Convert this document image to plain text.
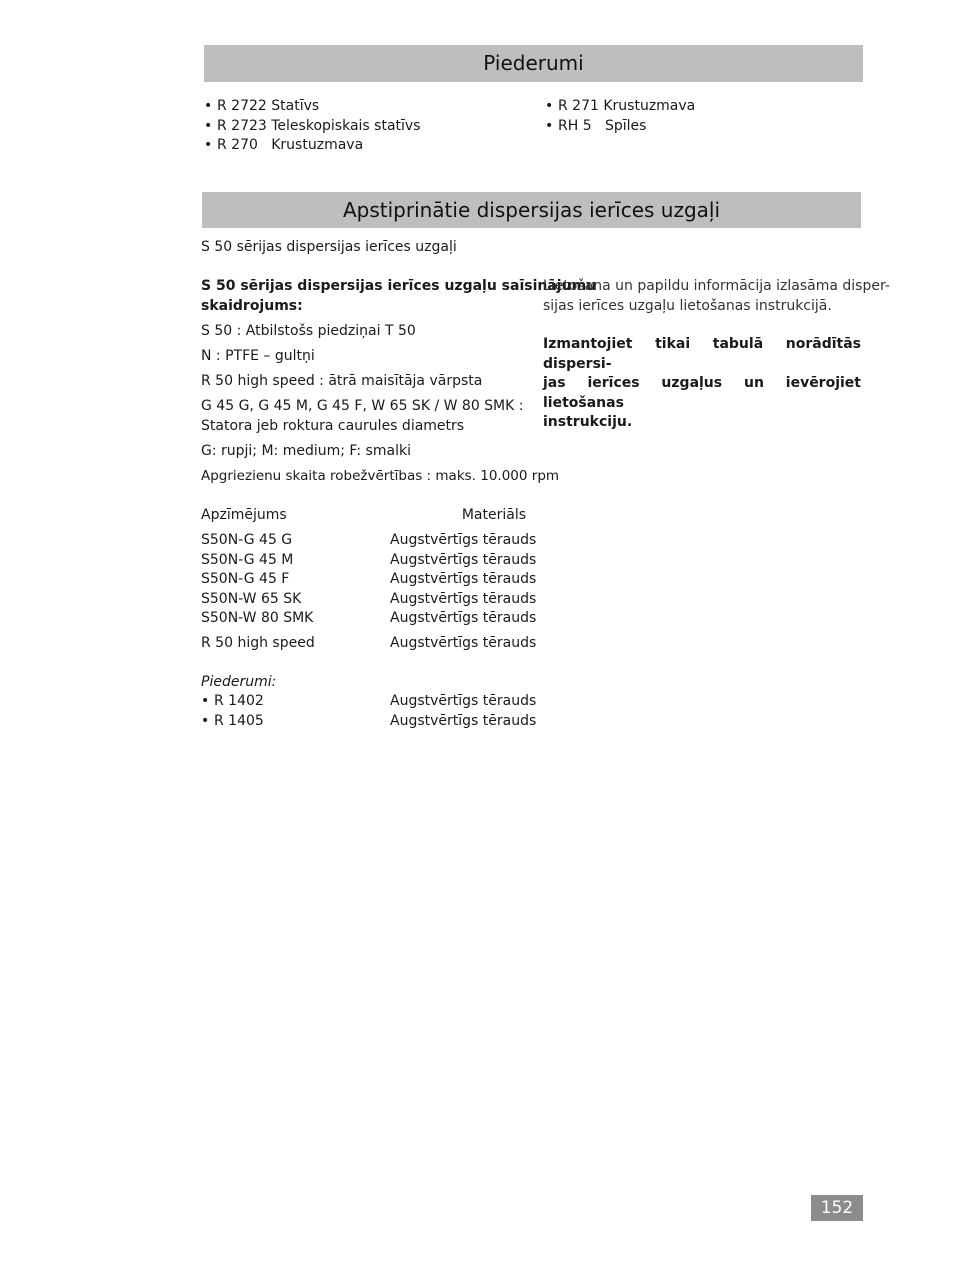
Piederumi
• R 2722 Statīvs
• R 2723 Teleskopiskais statīvs
• R 270   Krustuzmava
• R 271 Krustuzmava
• RH 5   Spīles
Apstiprinātie dispersijas ierīces uzgaļi
S 50 sērijas dispersijas ierīces uzgaļi
S 50 sērijas dispersijas ierīces uzgaļu saīsinājumu
skaidrojums:
S 50 : Atbilstošs piedziņai T 50
N : PTFE – gultņi
R 50 high speed : ātrā maisītāja vārpsta
G 45 G, G 45 M, G 45 F, W 65 SK / W 80 SMK :
Statora jeb roktura caurules diametrs
G: rupji; M: medium; F: smalki
Apgriezienu skaita robežvērtības : maks. 10.000 rpm
Apzīmējums	Materiāls
S50N-G 45 G	Augstvērtīgs tērauds
S50N-G 45 M	Augstvērtīgs tērauds
S50N-G 45 F	Augstvērtīgs tērauds
S50N-W 65 SK	Augstvērtīgs tērauds
S50N-W 80 SMK	Augstvērtīgs tērauds
R 50 high speed	Augstvērtīgs tērauds
Piederumi:
• R 1402	Augstvērtīgs tērauds
• R 1405	Augstvērtīgs tērauds
Lietošana un papildu informācija izlasāma disper-
sijas ierīces uzgaļu lietošanas instrukcijā.
Izmantojiet tikai tabulā norādītās dispersi-
jas ierīces uzgaļus un ievērojiet lietošanas
instrukciju.
152
